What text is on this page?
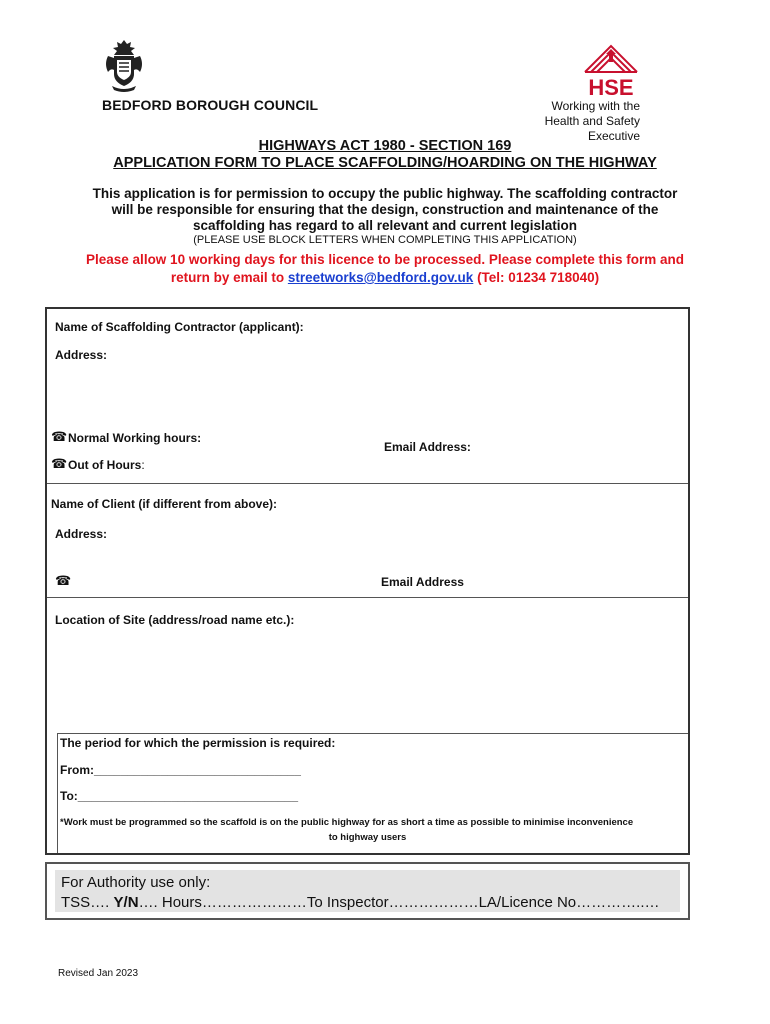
BEDFORD BOROUGH COUNCIL
HSE
Working with the
Health and Safety Executive
HIGHWAYS ACT 1980 - SECTION 169
APPLICATION FORM TO PLACE SCAFFOLDING/HOARDING ON THE HIGHWAY
This application is for permission to occupy the public highway. The scaffolding contractor
will be responsible for ensuring that the design, construction and maintenance of the
scaffolding has regard to all relevant and current legislation
(PLEASE USE BLOCK LETTERS WHEN COMPLETING THIS APPLICATION)
Please allow 10 working days for this licence to be processed. Please complete this form and
return by email to streetworks@bedford.gov.uk (Tel: 01234 718040)
Name of Scaffolding Contractor (applicant):
Address:
☎ Normal Working hours:
Email Address:
☎ Out of Hours:
Name of Client (if different from above):
Address:
☎	Email Address
Location of Site (address/road name etc.):
The period for which the permission is required:
From:_______________________________
To:_________________________________
*Work must be programmed so the scaffold is on the public highway for as short a time as possible to minimise inconvenience
to highway users
For Authority use only:
TSS…. Y/N…. Hours…………………To Inspector………………LA/Licence No…………..…
Revised Jan 2023
